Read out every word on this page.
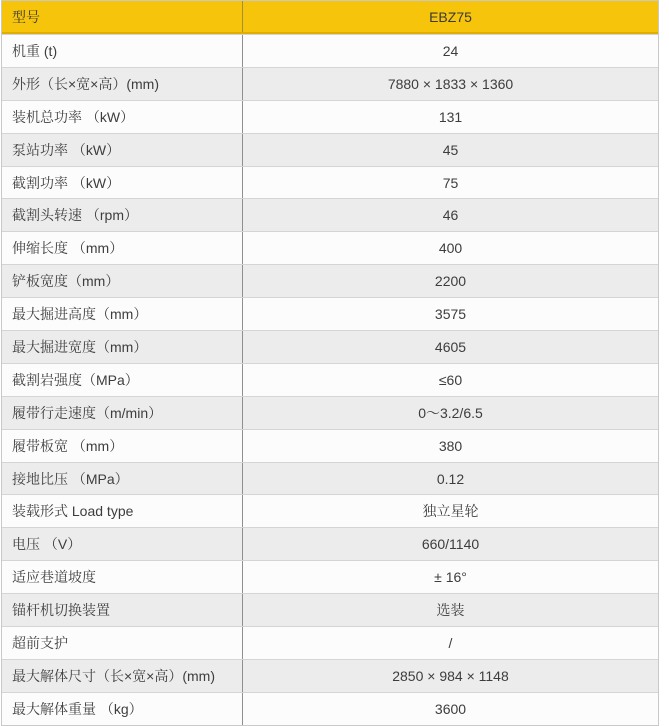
型号	EBZ75
机重 (t)	24
外形（长×宽×高）(mm)	7880 × 1833 × 1360
装机总功率 （kW）	131
泵站功率 （kW）	45
截割功率 （kW）	75
截割头转速 （rpm）	46
伸缩长度 （mm）	400
铲板宽度（mm）	2200
最大掘进高度（mm）	3575
最大掘进宽度（mm）	4605
截割岩强度（MPa）	≤60
履带行走速度（m/min）	0～3.2/6.5
履带板宽 （mm）	380
接地比压 （MPa）	0.12
装载形式 Load type	独立星轮
电压 （V）	660/1140
适应巷道坡度	± 16°
锚杆机切换装置	选装
超前支护	/
最大解体尺寸（长×宽×高）(mm)	2850 × 984 × 1148
最大解体重量 （kg）	3600
